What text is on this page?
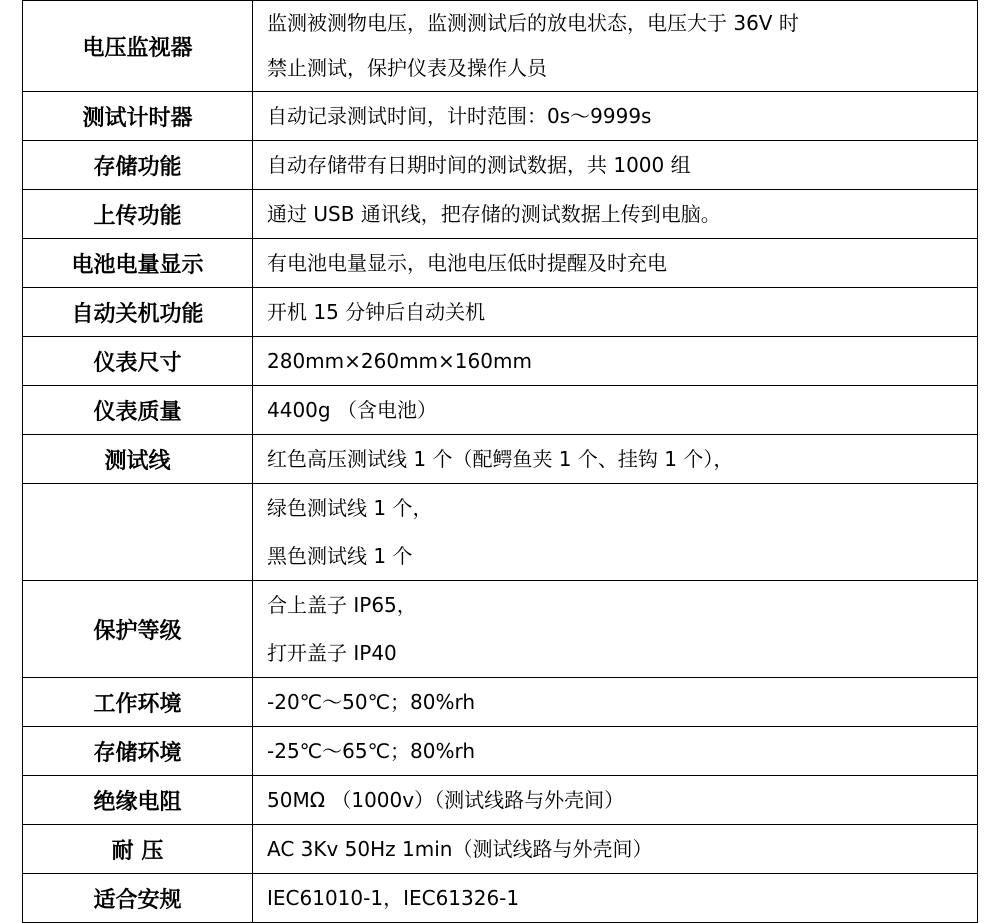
电压监视器	监测被测物电压，监测测试后的放电状态，电压大于 36V 时
禁止测试，保护仪表及操作人员

测试计时器	自动记录测试时间，计时范围：0s～9999s

存储功能	自动存储带有日期时间的测试数据，共 1000 组

上传功能	通过 USB 通讯线，把存储的测试数据上传到电脑。

电池电量显示	有电池电量显示，电池电压低时提醒及时充电

自动关机功能	开机 15 分钟后自动关机

仪表尺寸	280mm×260mm×160mm

仪表质量	4400g （含电池）

测试线	红色高压测试线 1 个（配鳄鱼夹 1 个、挂钩 1 个），

	绿色测试线 1 个，
黑色测试线 1 个

保护等级	合上盖子 IP65，
打开盖子 IP40

工作环境	-20℃～50℃；80%rh

存储环境	-25℃～65℃；80%rh

绝缘电阻	50MΩ （1000v）（测试线路与外壳间）

耐 压	AC 3Kv 50Hz 1min（测试线路与外壳间）

适合安规	IEC61010-1，IEC61326-1
